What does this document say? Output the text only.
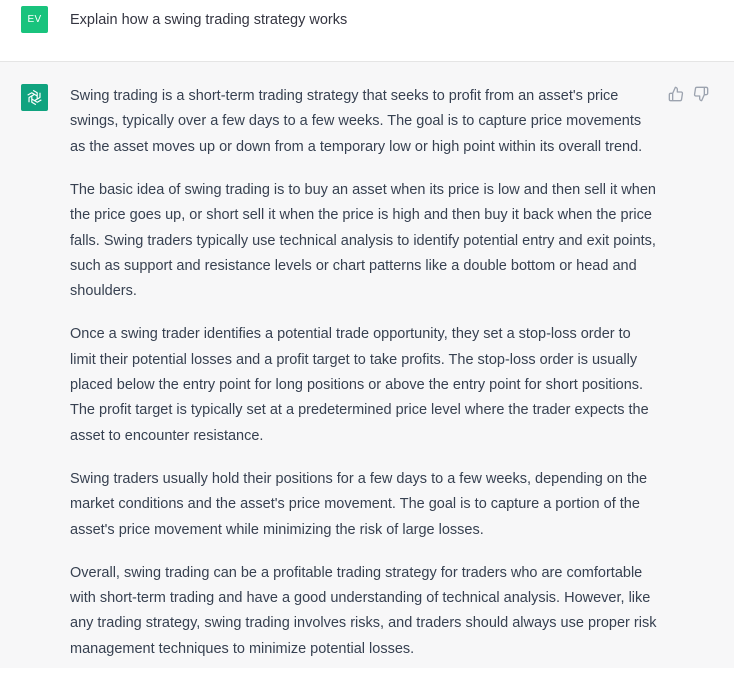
EV	Explain how a swing trading strategy works

Swing trading is a short-term trading strategy that seeks to profit from an asset's price swings, typically over a few days to a few weeks. The goal is to capture price movements as the asset moves up or down from a temporary low or high point within its overall trend.

The basic idea of swing trading is to buy an asset when its price is low and then sell it when the price goes up, or short sell it when the price is high and then buy it back when the price falls. Swing traders typically use technical analysis to identify potential entry and exit points, such as support and resistance levels or chart patterns like a double bottom or head and shoulders.

Once a swing trader identifies a potential trade opportunity, they set a stop-loss order to limit their potential losses and a profit target to take profits. The stop-loss order is usually placed below the entry point for long positions or above the entry point for short positions. The profit target is typically set at a predetermined price level where the trader expects the asset to encounter resistance.

Swing traders usually hold their positions for a few days to a few weeks, depending on the market conditions and the asset's price movement. The goal is to capture a portion of the asset's price movement while minimizing the risk of large losses.

Overall, swing trading can be a profitable trading strategy for traders who are comfortable with short-term trading and have a good understanding of technical analysis. However, like any trading strategy, swing trading involves risks, and traders should always use proper risk management techniques to minimize potential losses.
